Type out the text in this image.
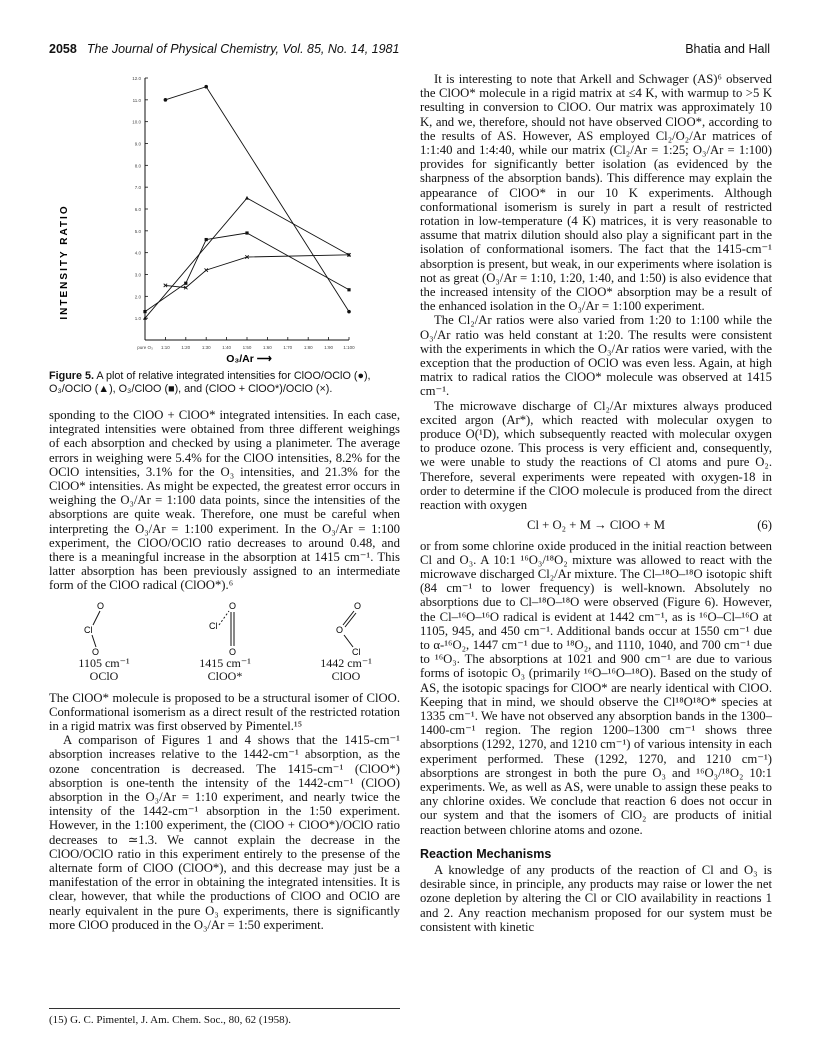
2058 The Journal of Physical Chemistry, Vol. 85, No. 14, 1981	Bhatia and Hall
1.0
2.0
3.0
4.0
5.0
6.0
7.0
8.0
9.0
10.0
11.0
12.0
pure O₃ 1:10	1:20	1:30	1:40	1:50	1:60	1:70	1:80	1:90 1:100
INTENSITY RATIO
O₃/Ar ⟶
Figure 5. A plot of relative integrated intensities for ClOO/OClO (●), O₃/OClO (▲), O₃/ClOO (■), and (ClOO + ClOO*)/OClO (×).

sponding to the ClOO + ClOO* integrated intensities. In each case, integrated intensities were obtained from three different weighings of each absorption and checked by using a planimeter. The average errors in weighing were 5.4% for the ClOO intensities, 8.2% for the OClO intensities, 3.1% for the O₃ intensities, and 21.3% for the ClOO* intensities. As might be expected, the greatest error occurs in weighing the O₃/Ar = 1:100 data points, since the intensities of the absorptions are quite weak. Therefore, one must be careful when interpreting the O₃/Ar = 1:100 experiment. In the O₃/Ar = 1:100 experiment, the ClOO/OClO ratio decreases to around 0.48, and there is a meaningful increase in the absorption at 1415 cm⁻¹. This latter absorption has been previously assigned to an intermediate form of the ClOO radical (ClOO*).⁶

O
Cl
O
1105 cm⁻¹
OClO
O
Cl
O
1415 cm⁻¹
ClOO*
O
O
Cl
1442 cm⁻¹
ClOO

The ClOO* molecule is proposed to be a structural isomer of ClOO. Conformational isomerism as a direct result of the restricted rotation in a rigid matrix was first observed by Pimentel.¹⁵

A comparison of Figures 1 and 4 shows that the 1415-cm⁻¹ absorption increases relative to the 1442-cm⁻¹ absorption, as the ozone concentration is decreased. The 1415-cm⁻¹ (ClOO*) absorption is one-tenth the intensity of the 1442-cm⁻¹ (ClOO) absorption in the O₃/Ar = 1:10 experiment, and nearly twice the intensity of the 1442-cm⁻¹ absorption in the 1:50 experiment. However, in the 1:100 experiment, the (ClOO + ClOO*)/OClO ratio decreases to ≃1.3. We cannot explain the decrease in the ClOO/OClO ratio in this experiment entirely to the presense of the alternate form of ClOO (ClOO*), and this decrease may just be a manifestation of the error in obtaining the integrated intensities. It is clear, however, that while the productions of ClOO and OClO are nearly equivalent in the pure O₃ experiments, there is significantly more ClOO produced in the O₃/Ar = 1:50 experiment.

(15) G. C. Pimentel, J. Am. Chem. Soc., 80, 62 (1958).

It is interesting to note that Arkell and Schwager (AS)⁶ observed the ClOO* molecule in a rigid matrix at ≤4 K, with warmup to >5 K resulting in conversion to ClOO. Our matrix was approximately 10 K, and we, therefore, should not have observed ClOO*, according to the results of AS. However, AS employed Cl₂/O₂/Ar matrices of 1:1:40 and 1:4:40, while our matrix (Cl₂/Ar = 1:25; O₃/Ar = 1:100) provides for significantly better isolation (as evidenced by the sharpness of the absorption bands). This difference may explain the appearance of ClOO* in our 10 K experiments. Although conformational isomerism is surely in part a result of restricted rotation in low-temperature (4 K) matrices, it is very reasonable to assume that matrix dilution should also play a significant part in the isolation of conformational isomers. The fact that the 1415-cm⁻¹ absorption is present, but weak, in our experiments where isolation is not as great (O₃/Ar = 1:10, 1:20, 1:40, and 1:50) is also evidence that the increased intensity of the ClOO* absorption may be a result of the enhanced isolation in the O₃/Ar = 1:100 experiment.

The Cl₂/Ar ratios were also varied from 1:20 to 1:100 while the O₃/Ar ratio was held constant at 1:20. The results were consistent with the experiments in which the O₃/Ar ratios were varied, with the exception that the production of OClO was even less. Again, at high matrix to radical ratios the ClOO* molecule was observed at 1415 cm⁻¹.

The microwave discharge of Cl₂/Ar mixtures always produced excited argon (Ar*), which reacted with molecular oxygen to produce O(¹D), which subsequently reacted with molecular oxygen to produce ozone. This process is very efficient and, consequently, we were unable to study the reactions of Cl atoms and pure O₂. Therefore, several experiments were repeated with oxygen-18 in order to determine if the ClOO molecule is produced from the direct reaction with oxygen

Cl + O₂ + M → ClOO + M	(6)

or from some chlorine oxide produced in the initial reaction between Cl and O₃. A 10:1 ¹⁶O₃/¹⁸O₂ mixture was allowed to react with the microwave discharged Cl₂/Ar mixture. The Cl–¹⁸O–¹⁸O isotopic shift (84 cm⁻¹ to lower frequency) is well-known. Absolutely no absorptions due to Cl–¹⁸O–¹⁸O were observed (Figure 6). However, the Cl–¹⁶O–¹⁶O radical is evident at 1442 cm⁻¹, as is ¹⁶O–Cl–¹⁶O at 1105, 945, and 450 cm⁻¹. Additional bands occur at 1550 cm⁻¹ due to α-¹⁶O₂, 1447 cm⁻¹ due to ¹⁸O₂, and 1110, 1040, and 700 cm⁻¹ due to ¹⁶O₃. The absorptions at 1021 and 900 cm⁻¹ are due to various forms of isotopic O₃ (primarily ¹⁶O–¹⁶O–¹⁸O). Based on the study of AS, the isotopic spacings for ClOO* are nearly identical with ClOO. Keeping that in mind, we should observe the Cl¹⁸O¹⁸O* species at 1335 cm⁻¹. We have not observed any absorption bands in the 1300–1400-cm⁻¹ region. The region 1200–1300 cm⁻¹ shows three absorptions (1292, 1270, and 1210 cm⁻¹) of various intensity in each experiment performed. These (1292, 1270, and 1210 cm⁻¹) absorptions are strongest in both the pure O₃ and ¹⁶O₃/¹⁸O₂ 10:1 experiments. We, as well as AS, were unable to assign these peaks to any chlorine oxides. We conclude that reaction 6 does not occur in our system and that the isomers of ClO₂ are products of initial reaction between chlorine atoms and ozone.

Reaction Mechanisms

A knowledge of any products of the reaction of Cl and O₃ is desirable since, in principle, any products may raise or lower the net ozone depletion by altering the Cl or ClO availability in reactions 1 and 2. Any reaction mechanism proposed for our system must be consistent with kinetic
